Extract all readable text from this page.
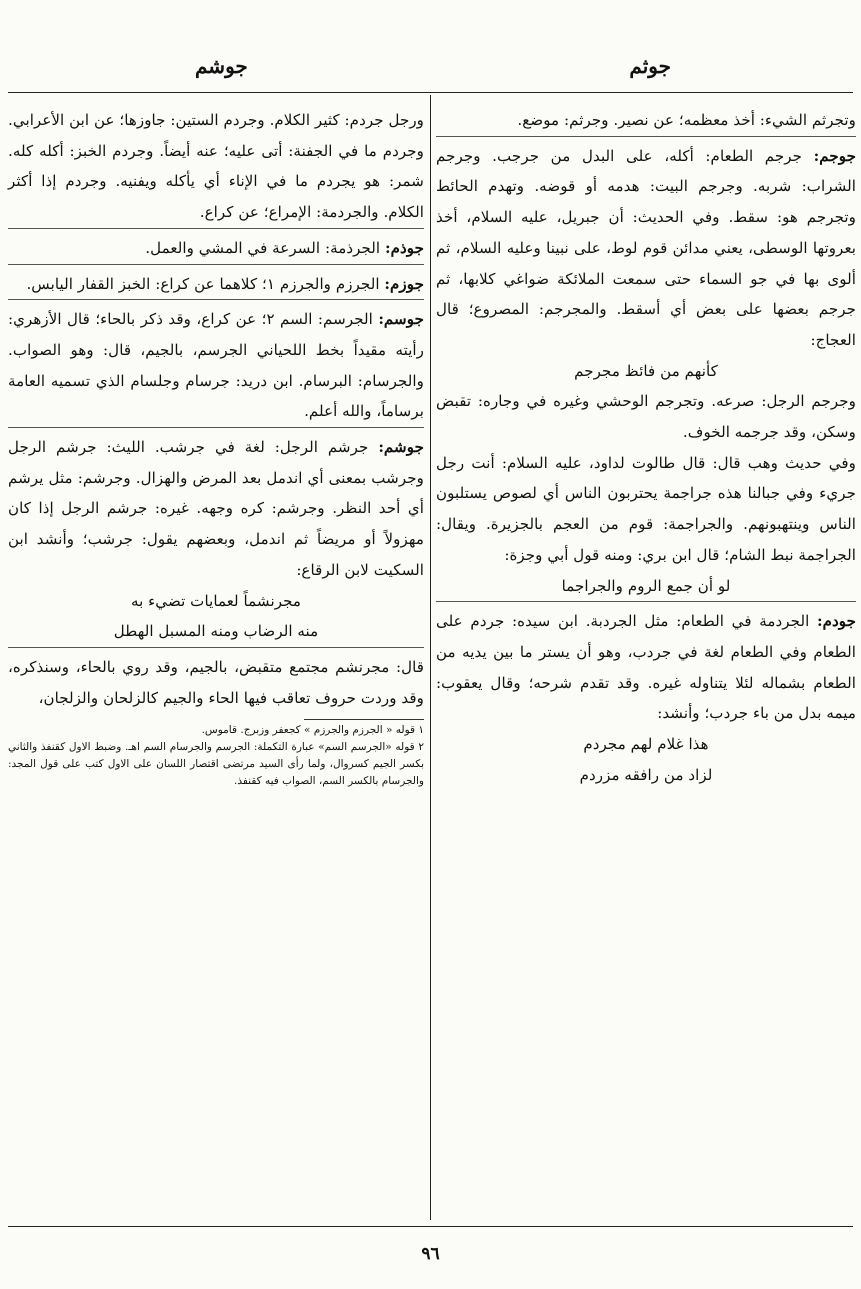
جوثم
جوشم

وتجرثم الشيء: أخذ معظمه؛ عن نصير. وجرثم: موضع.

جوجم: جرجم الطعام: أكله، على البدل من جرجب. وجرجم الشراب: شربه. وجرجم البيت: هدمه أو قوضه. وتهدم الحائط وتجرجم هو: سقط. وفي الحديث: أن جبريل، عليه السلام، أخذ بعروتها الوسطى، يعني مدائن قوم لوط، على نبينا وعليه السلام، ثم ألوى بها في جو السماء حتى سمعت الملائكة ضواغي كلابها، ثم جرجم بعضها على بعض أي أسقط. والمجرجم: المصروع؛ قال العجاج:

كأنهم من فائظ مجرجم

وجرجم الرجل: صرعه. وتجرجم الوحشي وغيره في وجاره: تقبض وسكن، وقد جرجمه الخوف.

وفي حديث وهب قال: قال طالوت لداود، عليه السلام: أنت رجل جريء وفي جبالنا هذه جراجمة يحتربون الناس أي لصوص يستلبون الناس وينتهبونهم. والجراجمة: قوم من العجم بالجزيرة. ويقال: الجراجمة نبط الشام؛ قال ابن بري: ومنه قول أبي وجزة:

لو أن جمع الروم والجراجما

جودم: الجردمة في الطعام: مثل الجردبة. ابن سيده: جردم على الطعام وفي الطعام لغة في جردب، وهو أن يستر ما بين يديه من الطعام بشماله لئلا يتناوله غيره. وقد تقدم شرحه؛ وقال يعقوب: ميمه بدل من باء جردب؛ وأنشد:

هذا غلام لهم مجردم

لزاد من رافقه مزردم

ورجل جردم: كثير الكلام. وجردم الستين: جاوزها؛ عن ابن الأعرابي. وجردم ما في الجفنة: أتى عليه؛ عنه أيضاً. وجردم الخبز: أكله كله. شمر: هو يجردم ما في الإناء أي يأكله ويفنيه. وجردم إذا أكثر الكلام. والجردمة: الإمراع؛ عن كراع.

جوذم: الجرذمة: السرعة في المشي والعمل.

جوزم: الجرزم والجرزم ١؛ كلاهما عن كراع: الخبز القفار اليابس.

جوسم: الجرسم: السم ٢؛ عن كراع، وقد ذكر بالحاء؛ قال الأزهري: رأيته مقيداً بخط اللحياني الجرسم، بالجيم، قال: وهو الصواب. والجرسام: البرسام. ابن دريد: جرسام وجلسام الذي تسميه العامة برساماً، والله أعلم.

جوشم: جرشم الرجل: لغة في جرشب. الليث: جرشم الرجل وجرشب بمعنى أي اندمل بعد المرض والهزال. وجرشم: مثل يرشم أي أحد النظر. وجرشم: كره وجهه. غيره: جرشم الرجل إذا كان مهزولاً أو مريضاً ثم اندمل، وبعضهم يقول: جرشب؛ وأنشد ابن السكيت لابن الرقاع:

مجرنشماً لعمايات تضيء به

منه الرضاب ومنه المسبل الهطل

قال: مجرنشم مجتمع متقبض، بالجيم، وقد روي بالحاء، وسنذكره، وقد وردت حروف تعاقب فيها الحاء والجيم كالزلحان والزلجان،

١ قوله « الجرزم والجرزم » كجعفر وزبرج. قاموس.

٢ قوله «الجرسم السم» عبارة التكملة: الجرسم والجرسام السم اهـ. وضبط الاول كقنفذ والثاني بكسر الجيم كسروال، ولما رأى السيد مرتضى اقتصار اللسان على الاول كتب على قول المجد: والجرسام بالكسر السم، الصواب فيه كقنفذ.

٩٦
